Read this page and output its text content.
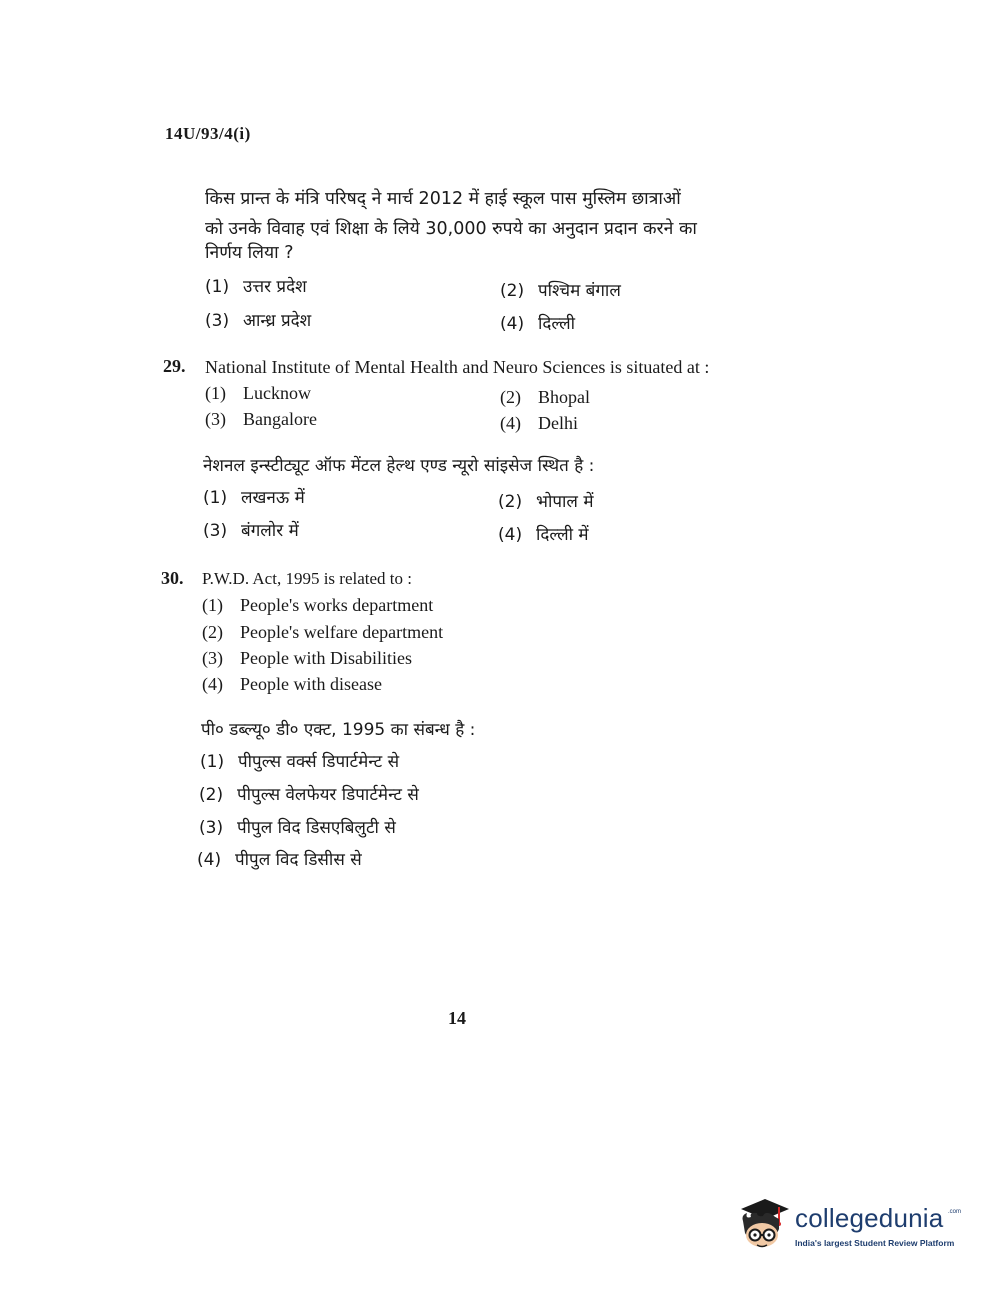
14U/93/4(i)
किस प्रान्त के मंत्रि परिषद् ने मार्च 2012 में हाई स्कूल पास मुस्लिम छात्राओं
को उनके विवाह एवं शिक्षा के लिये 30,000 रुपये का अनुदान प्रदान करने का
निर्णय लिया ?
(1) उत्तर प्रदेश	(2) पश्चिम बंगाल
(3) आन्ध्र प्रदेश	(4) दिल्ली
29. National Institute of Mental Health and Neuro Sciences is situated at :
(1) Lucknow	(2) Bhopal
(3) Bangalore	(4) Delhi
नेशनल इन्स्टीट्यूट ऑफ मेंटल हेल्थ एण्ड न्यूरो सांइसेज स्थित है :
(1) लखनऊ में	(2) भोपाल में
(3) बंगलोर में	(4) दिल्ली में
30. P.W.D. Act, 1995 is related to :
(1) People's works department
(2) People's welfare department
(3) People with Disabilities
(4) People with disease
पी० डब्ल्यू० डी० एक्ट, 1995 का संबन्ध है :
(1) पीपुल्स वर्क्स डिपार्टमेन्ट से
(2) पीपुल्स वेलफेयर डिपार्टमेन्ट से
(3) पीपुल विद डिसएबिलुटी से
(4) पीपुल विद डिसीस से
14
collegedunia .com
India's largest Student Review Platform
